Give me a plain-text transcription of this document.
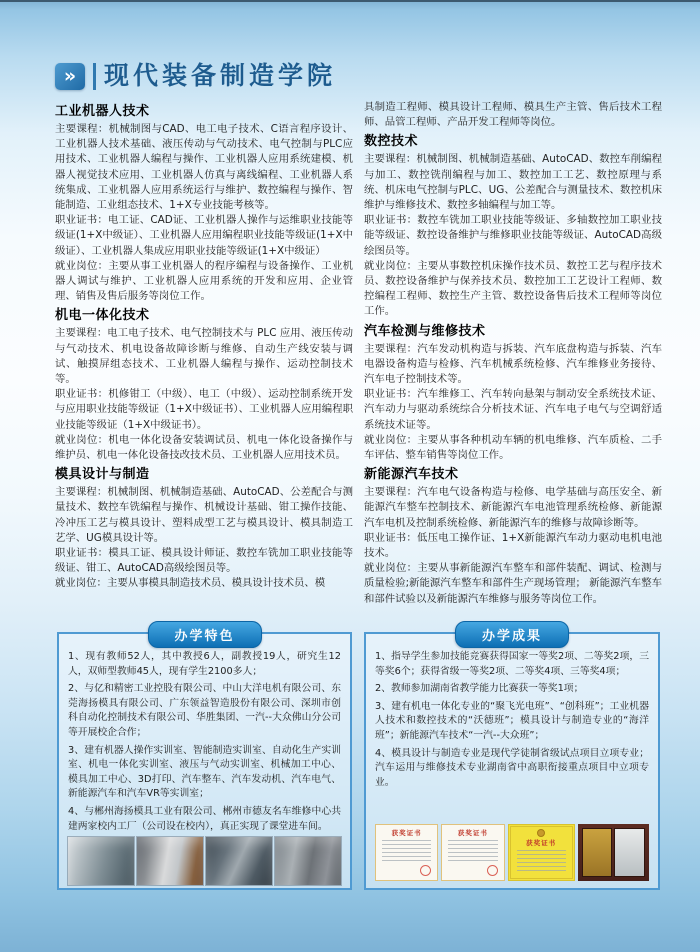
»	现代装备制造学院
工业机器人技术

主要课程：机械制图与CAD、电工电子技术、C语言程序设计、工业机器人技术基础、液压传动与气动技术、电气控制与PLC应用技术、工业机器人编程与操作、工业机器人应用系统建模、机器人视觉技术应用、工业机器人仿真与离线编程、工业机器人系统集成、工业机器人应用系统运行与维护、数控编程与操作、智能制造、工业组态技术、1+X专业技能考核等。

职业证书：电工证、CAD证、工业机器人操作与运维职业技能等级证(1+X中级证）、工业机器人应用编程职业技能等级证(1+X中级证）、工业机器人集成应用职业技能等级证(1+X中级证）

就业岗位：主要从事工业机器人的程序编程与设备操作、工业机器人调试与维护、工业机器人应用系统的开发和应用、企业管理、销售及售后服务等岗位工作。

机电一体化技术

主要课程：电工电子技术、电气控制技术与 PLC 应用、液压传动与气动技术、机电设备故障诊断与维修、自动生产线安装与调试、触摸屏组态技术、工业机器人编程与操作、运动控制技术等。

职业证书：机修钳工（中级）、电工（中级）、运动控制系统开发与应用职业技能等级证（1+X中级证书）、工业机器人应用编程职业技能等级证（1+X中级证书）。

就业岗位：机电一体化设备安装调试员、机电一体化设备操作与维护员、机电一体化设备技改技术员、工业机器人应用技术员。

模具设计与制造

主要课程：机械制图、机械制造基础、AutoCAD、公差配合与测量技术、数控车铣编程与操作、机械设计基础、钳工操作技能、冷冲压工艺与模具设计、塑料成型工艺与模具设计、模具制造工艺学、UG模具设计等。

职业证书：模具工证、模具设计师证、数控车铣加工职业技能等级证、钳工、AutoCAD高级绘图员等。

就业岗位：主要从事模具制造技术员、模具设计技术员、模

具制造工程师、模具设计工程师、模具生产主管、售后技术工程师、品管工程师、产品开发工程师等岗位。

数控技术

主要课程：机械制图、机械制造基础、AutoCAD、数控车削编程与加工、数控铣削编程与加工、数控加工工艺、数控原理与系统、机床电气控制与PLC、UG、公差配合与测量技术、数控机床维护与维修技术、数控多轴编程与加工等。

职业证书：数控车铣加工职业技能等级证、多轴数控加工职业技能等级证、数控设备维护与维修职业技能等级证、AutoCAD高级绘图员等。

就业岗位：主要从事数控机床操作技术员、数控工艺与程序技术员、数控设备维护与保养技术员、数控加工工艺设计工程师、数控编程工程师、数控生产主管、数控设备售后技术工程师等岗位工作。

汽车检测与维修技术

主要课程：汽车发动机构造与拆装、汽车底盘构造与拆装、汽车电器设备构造与检修、汽车机械系统检修、汽车维修业务接待、汽车电子控制技术等。

职业证书：汽车维修工、汽车转向悬架与制动安全系统技术证、汽车动力与驱动系统综合分析技术证、汽车电子电气与空调舒适系统技术证等。

就业岗位：主要从事各种机动车辆的机电维修、汽车质检、二手车评估、整车销售等岗位工作。

新能源汽车技术

主要课程：汽车电气设备构造与检修、电学基础与高压安全、新能源汽车整车控制技术、新能源汽车电池管理系统检修、新能源汽车电机及控制系统检修、新能源汽车的维修与故障诊断等。

职业证书：低压电工操作证、1+X新能源汽车动力驱动电机电池技术。

就业岗位：主要从事新能源汽车整车和部件装配、调试、检测与质量检验;新能源汽车整车和部件生产现场管理； 新能源汽车整车和部件试验以及新能源汽车维修与服务等岗位工作。

办学特色

1、现有教师52人，其中教授6人，副教授19人，研究生12人，双师型教师45人，现有学生2100多人；

2、与亿和精密工业控股有限公司、中山大洋电机有限公司、东莞海扬模具有限公司、广东领益智造股份有限公司、深圳市创科自动化控制技术有限公司、华胜集团、一汽--大众佛山分公司等开展校企合作；

3、建有机器人操作实训室、智能制造实训室、自动化生产实训室、机电一体化实训室、液压与气动实训室、机械加工中心、模具加工中心、3D打印、汽车整车、汽车发动机、汽车电气、新能源汽车和汽车VR等实训室；

4、与郴州海扬模具工业有限公司、郴州市德友名车维修中心共建两家校内工厂（公司设在校内），真正实现了课堂进车间。

办学成果

1、指导学生参加技能竞赛获得国家一等奖2项、二等奖2项，三等奖6个；获得省级一等奖2项、二等奖4项、三等奖4项；

2、教师参加湖南省教学能力比赛获一等奖1项；

3、建有机电一体化专业的“聚飞光电班”、“创科班”；工业机器人技术和数控技术的“沃德班”；模具设计与制造专业的“海洋班”；新能源汽车技术“一汽--大众班”；

4、模具设计与制造专业是现代学徒制省级试点项目立项专业；汽车运用与维修技术专业湖南省中高职衔接重点项目中立项专业。

获奖证书	获奖证书
获奖证书
